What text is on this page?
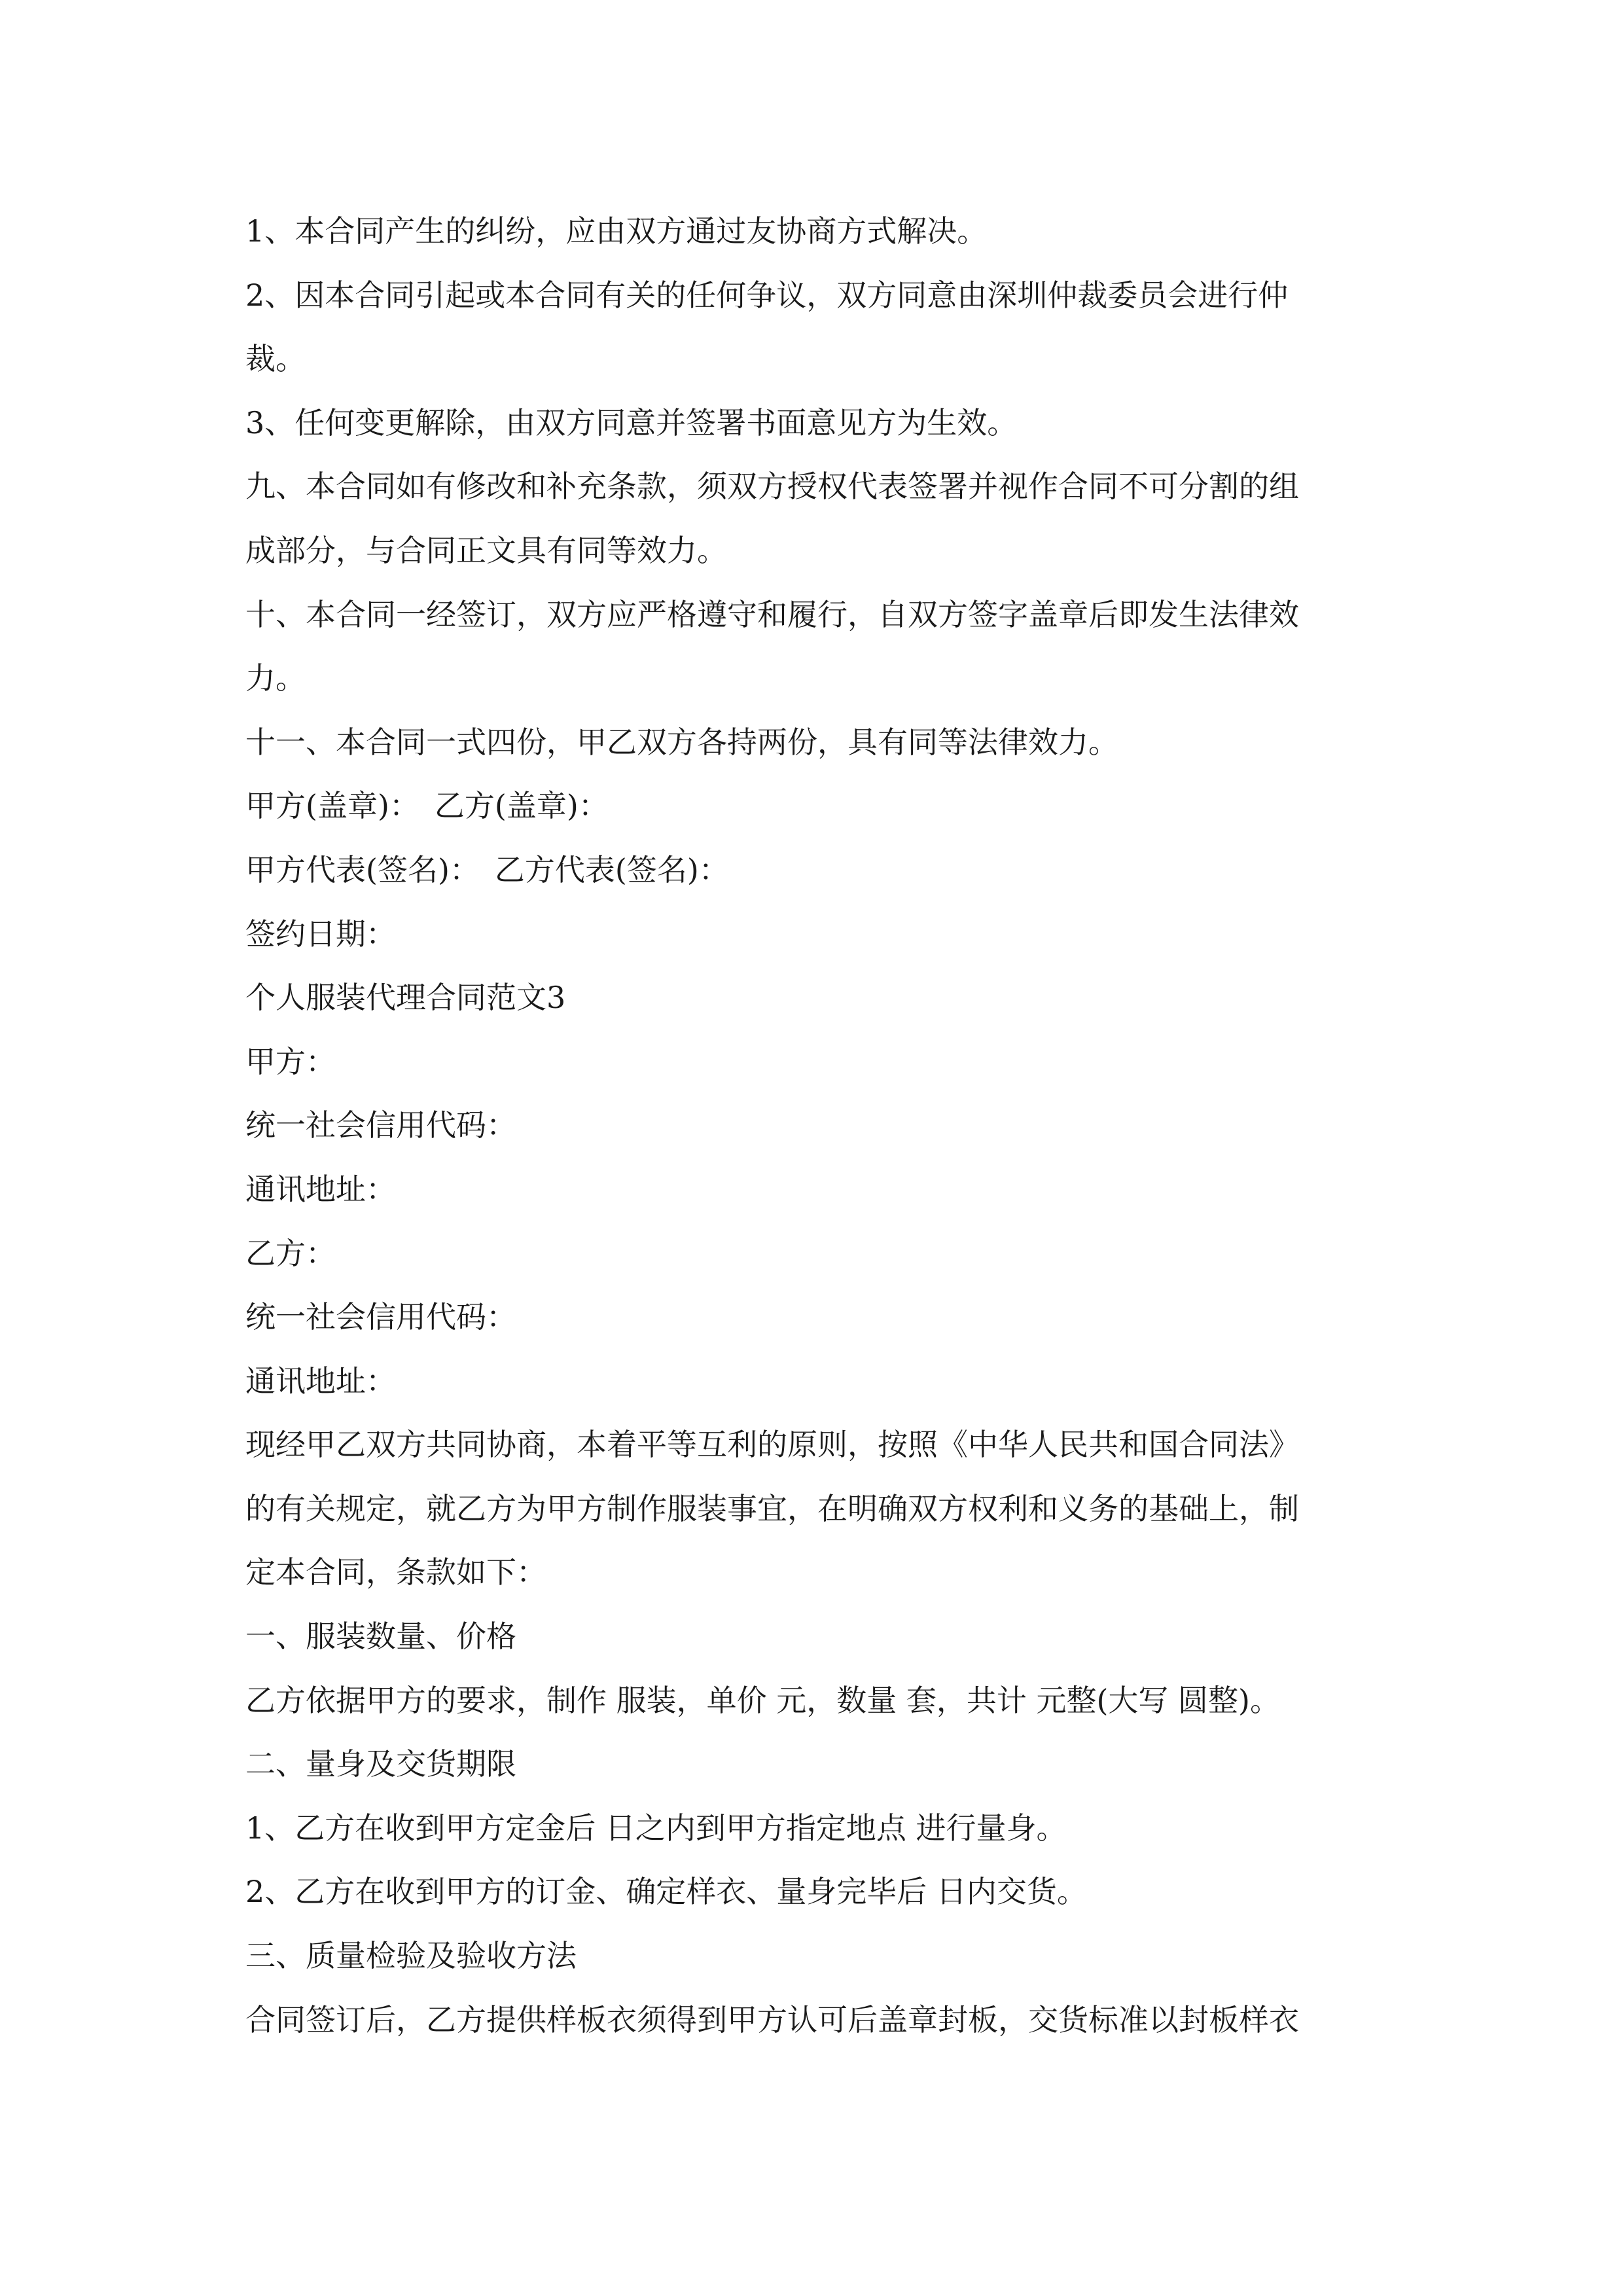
1、本合同产生的纠纷，应由双方通过友协商方式解决。
2、因本合同引起或本合同有关的任何争议，双方同意由深圳仲裁委员会进行仲
裁。
3、任何变更解除，由双方同意并签署书面意见方为生效。
九、本合同如有修改和补充条款，须双方授权代表签署并视作合同不可分割的组
成部分，与合同正文具有同等效力。
十、本合同一经签订，双方应严格遵守和履行，自双方签字盖章后即发生法律效
力。
十一、本合同一式四份，甲乙双方各持两份，具有同等法律效力。
甲方(盖章)：　乙方(盖章)：
甲方代表(签名)：　乙方代表(签名)：
签约日期：
个人服装代理合同范文3
甲方：
统一社会信用代码：
通讯地址：
乙方：
统一社会信用代码：
通讯地址：
现经甲乙双方共同协商，本着平等互利的原则，按照《中华人民共和国合同法》
的有关规定，就乙方为甲方制作服装事宜，在明确双方权利和义务的基础上，制
定本合同，条款如下：
一、服装数量、价格
乙方依据甲方的要求，制作 服装，单价 元，数量 套，共计 元整(大写 圆整)。
二、量身及交货期限
1、乙方在收到甲方定金后 日之内到甲方指定地点 进行量身。
2、乙方在收到甲方的订金、确定样衣、量身完毕后 日内交货。
三、质量检验及验收方法
合同签订后，乙方提供样板衣须得到甲方认可后盖章封板，交货标准以封板样衣
